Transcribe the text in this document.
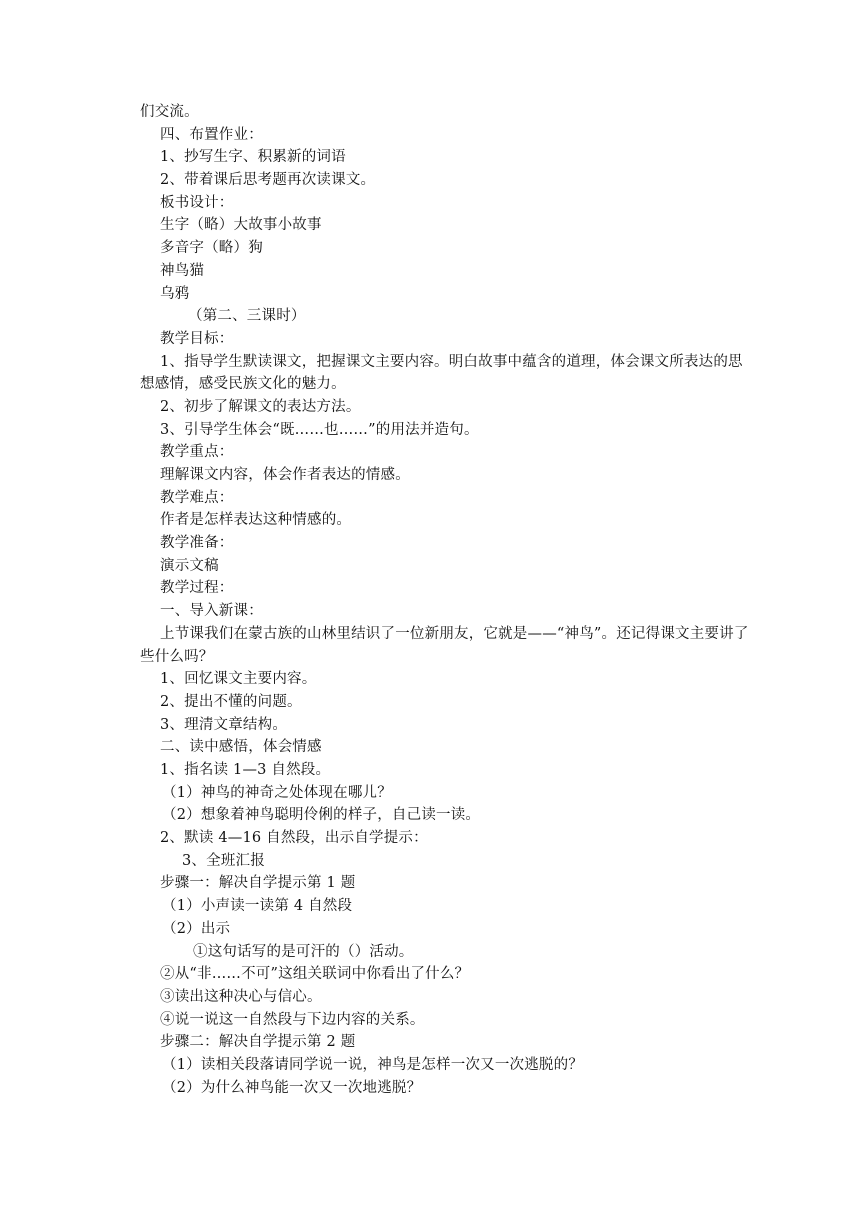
们交流。
四、布置作业：
1、抄写生字、积累新的词语
2、带着课后思考题再次读课文。
板书设计：
生字（略）大故事小故事
多音字（略）狗
神鸟猫
乌鸦
（第二、三课时）
教学目标：
1、指导学生默读课文，把握课文主要内容。明白故事中蕴含的道理，体会课文所表达的思想感情，感受民族文化的魅力。
2、初步了解课文的表达方法。
3、引导学生体会“既……也……”的用法并造句。
教学重点：
理解课文内容，体会作者表达的情感。
教学难点：
作者是怎样表达这种情感的。
教学准备：
演示文稿
教学过程：
一、导入新课：
上节课我们在蒙古族的山林里结识了一位新朋友，它就是——“神鸟”。还记得课文主要讲了些什么吗？
1、回忆课文主要内容。
2、提出不懂的问题。
3、理清文章结构。
二、读中感悟，体会情感
1、指名读 1—3 自然段。
（1）神鸟的神奇之处体现在哪儿？
（2）想象着神鸟聪明伶俐的样子，自己读一读。
2、默读 4—16 自然段，出示自学提示：
3、全班汇报
步骤一：解决自学提示第 1 题
（1）小声读一读第 4 自然段
（2）出示
①这句话写的是可汗的（）活动。
②从“非……不可”这组关联词中你看出了什么？
③读出这种决心与信心。
④说一说这一自然段与下边内容的关系。
步骤二：解决自学提示第 2 题
（1）读相关段落请同学说一说，神鸟是怎样一次又一次逃脱的？
（2）为什么神鸟能一次又一次地逃脱？
